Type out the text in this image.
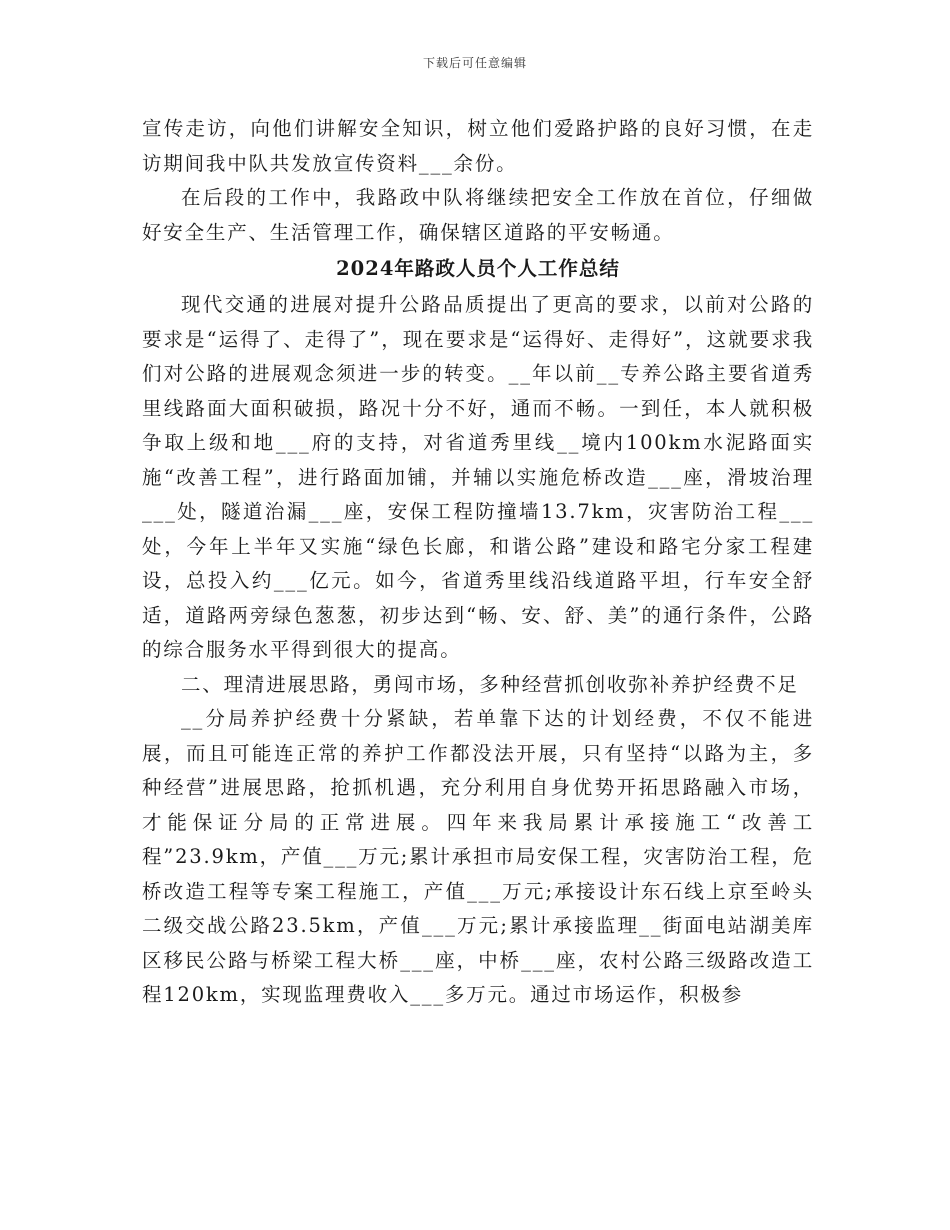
下载后可任意编辑

宣传走访，向他们讲解安全知识，树立他们爱路护路的良好习惯，在走访期间我中队共发放宣传资料___余份。

在后段的工作中，我路政中队将继续把安全工作放在首位，仔细做好安全生产、生活管理工作，确保辖区道路的平安畅通。

2024年路政人员个人工作总结

现代交通的进展对提升公路品质提出了更高的要求，以前对公路的要求是“运得了、走得了”，现在要求是“运得好、走得好”，这就要求我们对公路的进展观念须进一步的转变。__年以前__专养公路主要省道秀里线路面大面积破损，路况十分不好，通而不畅。一到任，本人就积极争取上级和地___府的支持，对省道秀里线__境内100km水泥路面实施“改善工程”，进行路面加铺，并辅以实施危桥改造___座，滑坡治理___处，隧道治漏___座，安保工程防撞墙13.7km，灾害防治工程___处，今年上半年又实施“绿色长廊，和谐公路”建设和路宅分家工程建设，总投入约___亿元。如今，省道秀里线沿线道路平坦，行车安全舒适，道路两旁绿色葱葱，初步达到“畅、安、舒、美”的通行条件，公路的综合服务水平得到很大的提高。

二、理清进展思路，勇闯市场，多种经营抓创收弥补养护经费不足

__分局养护经费十分紧缺，若单靠下达的计划经费，不仅不能进展，而且可能连正常的养护工作都没法开展，只有坚持“以路为主，多种经营”进展思路，抢抓机遇，充分利用自身优势开拓思路融入市场，才能保证分局的正常进展。四年来我局累计承接施工“改善工程”23.9km，产值___万元;累计承担市局安保工程，灾害防治工程，危桥改造工程等专案工程施工，产值___万元;承接设计东石线上京至岭头二级交战公路23.5km，产值___万元;累计承接监理__街面电站湖美库区移民公路与桥梁工程大桥___座，中桥___座，农村公路三级路改造工程120km，实现监理费收入___多万元。通过市场运作，积极参
